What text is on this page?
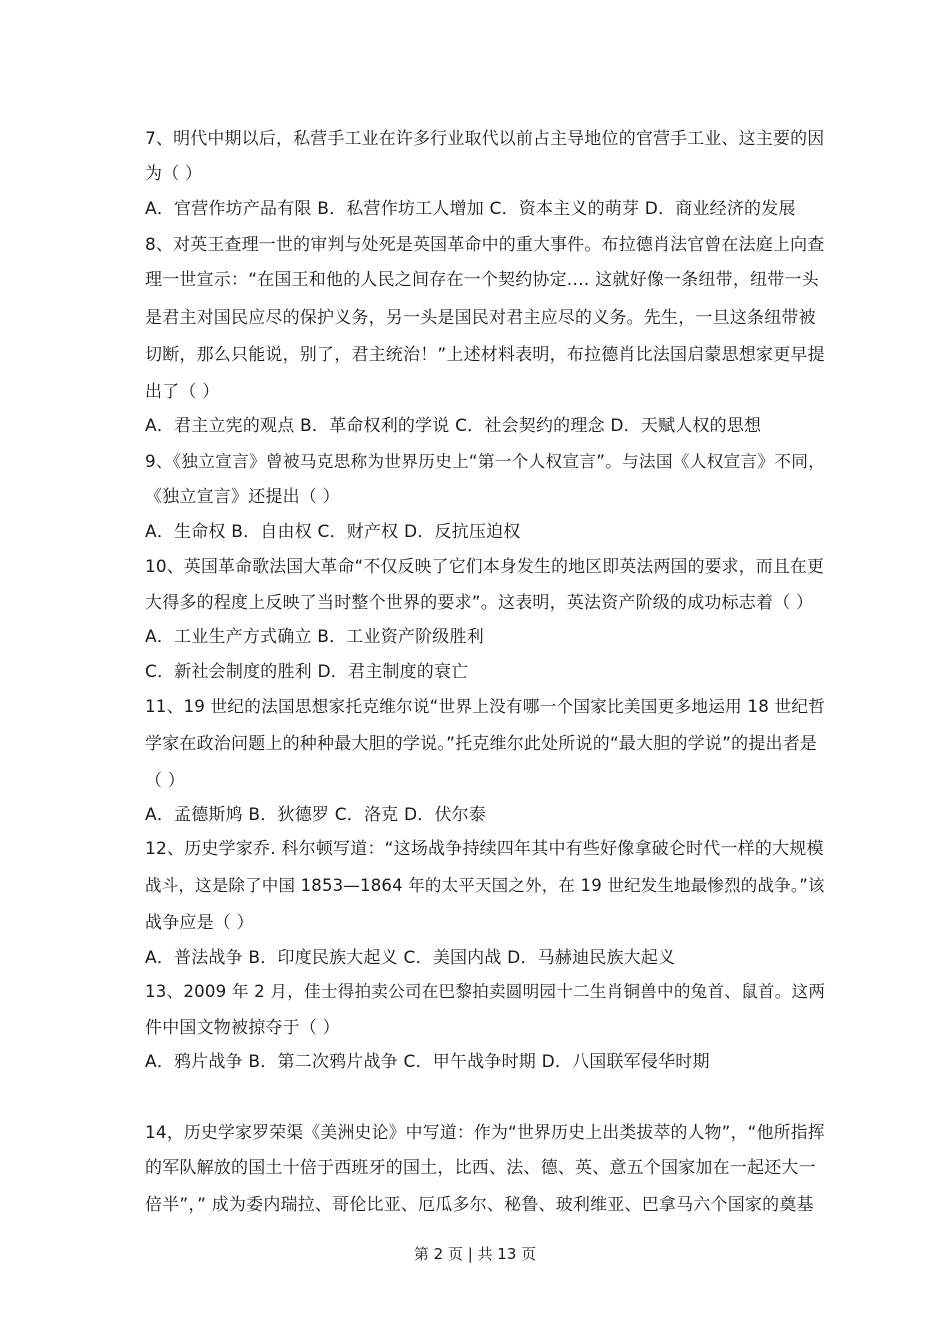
7、明代中期以后，私营手工业在许多行业取代以前占主导地位的官营手工业、这主要的因
为（ ）
A．官营作坊产品有限 B．私营作坊工人增加 C．资本主义的萌芽 D．商业经济的发展
8、对英王查理一世的审判与处死是英国革命中的重大事件。布拉德肖法官曾在法庭上向查
理一世宣示：“在国王和他的人民之间存在一个契约协定.… 这就好像一条纽带，纽带一头
是君主对国民应尽的保护义务，另一头是国民对君主应尽的义务。先生，一旦这条纽带被
切断，那么只能说，别了，君主统治！”上述材料表明，布拉德肖比法国启蒙思想家更早提
出了（ ）
A．君主立宪的观点 B．革命权利的学说 C．社会契约的理念 D．天赋人权的思想
9、《独立宣言》曾被马克思称为世界历史上“第一个人权宣言”。与法国《人权宣言》不同，
《独立宣言》还提出（ ）
A．生命权 B．自由权 C．财产权 D．反抗压迫权
10、英国革命歌法国大革命“不仅反映了它们本身发生的地区即英法两国的要求，而且在更
大得多的程度上反映了当时整个世界的要求”。这表明，英法资产阶级的成功标志着（ ）
A．工业生产方式确立 B．工业资产阶级胜利
C．新社会制度的胜利 D．君主制度的衰亡
11、19 世纪的法国思想家托克维尔说“世界上没有哪一个国家比美国更多地运用 18 世纪哲
学家在政治问题上的种种最大胆的学说。”托克维尔此处所说的“最大胆的学说”的提出者是
（ ）
A．孟德斯鸠 B．狄德罗 C．洛克 D．伏尔泰
12、历史学家乔. 科尔顿写道：“这场战争持续四年其中有些好像拿破仑时代一样的大规模
战斗，这是除了中国 1853—1864 年的太平天国之外，在 19 世纪发生地最惨烈的战争。”该
战争应是（ ）
A．普法战争 B．印度民族大起义 C．美国内战 D．马赫迪民族大起义
13、2009 年 2 月，佳士得拍卖公司在巴黎拍卖圆明园十二生肖铜兽中的兔首、鼠首。这两
件中国文物被掠夺于（ ）
A．鸦片战争 B．第二次鸦片战争 C．甲午战争时期 D．八国联军侵华时期
14，历史学家罗荣渠《美洲史论》中写道：作为“世界历史上出类拔萃的人物”，“他所指挥
的军队解放的国土十倍于西班牙的国土，比西、法、德、英、意五个国家加在一起还大一
倍半”，” 成为委内瑞拉、哥伦比亚、厄瓜多尔、秘鲁、玻利维亚、巴拿马六个国家的奠基
第 2 页 | 共 13 页
